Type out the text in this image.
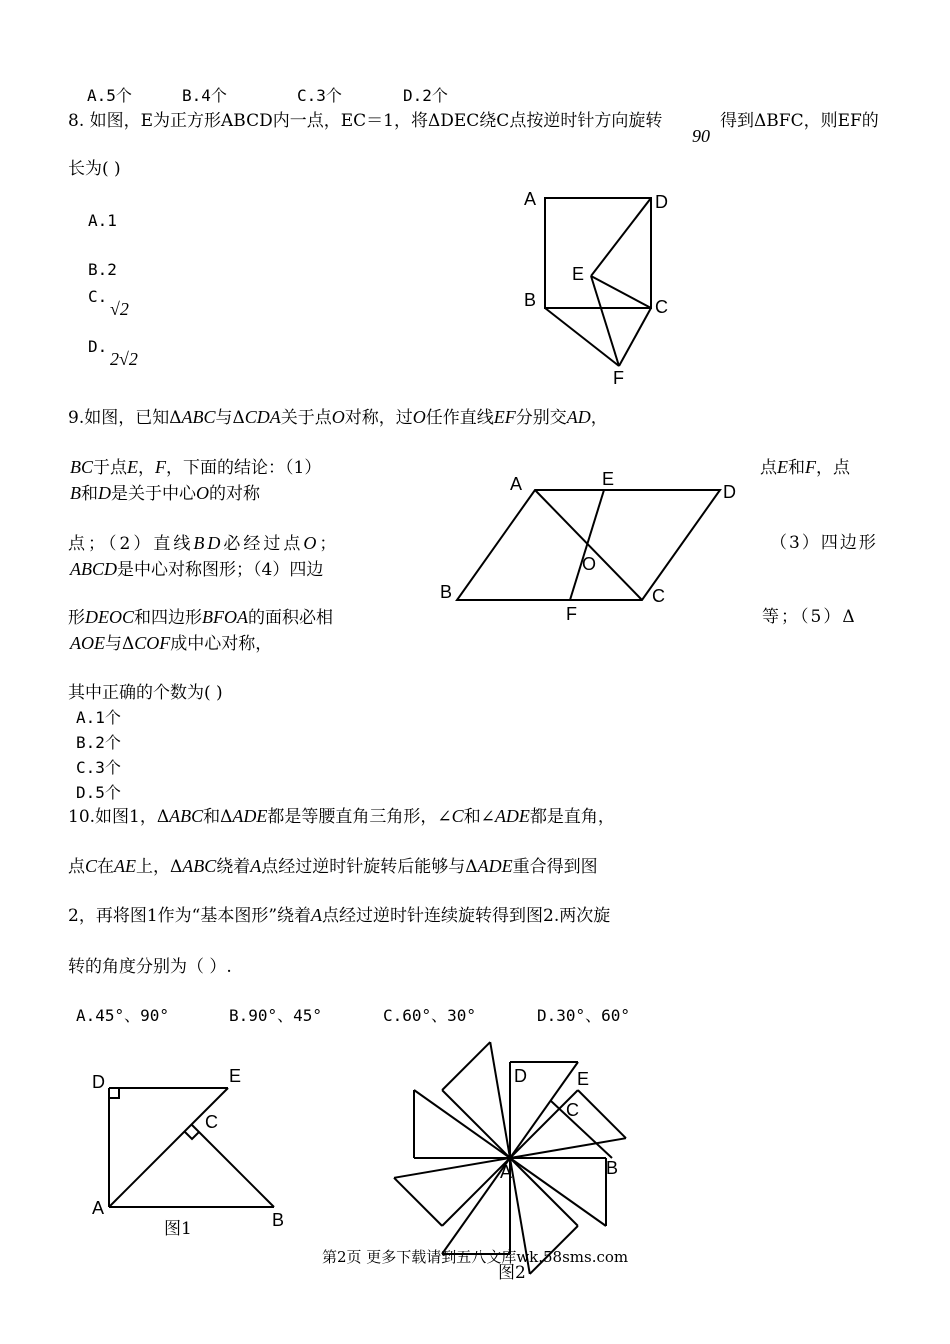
A.5个	B.4个	C.3个	D.2个
8. 如图，E为正方形ABCD内一点，EC＝1，将ΔDEC绕C点按逆时针方向旋转
90
得到ΔBFC，则EF的
长为( )
A.1
B.2
C.
√2
D.
2√2
A	D
E
B	C
F
9.如图，已知ΔABC与ΔCDA关于点O对称，过O任作直线EF分别交AD，
BC于点E，F，下面的结论：（1）	点E和F，点
B和D是关于中心O的对称
点；（2）直线BD必经过点O；	（3）四边形
ABCD是中心对称图形；（4）四边
形DEOC和四边形BFOA的面积必相	等；（5）Δ
AOE与ΔCOF成中心对称，
其中正确的个数为( )
A.1个
B.2个
C.3个
D.5个
A	E
D
O
B
F
C
10.如图1，ΔABC和ΔADE都是等腰直角三角形，∠C和∠ADE都是直角，
点C在AE上，ΔABC绕着A点经过逆时针旋转后能够与ΔADE重合得到图
2，再将图1作为“基本图形”绕着A点经过逆时针连续旋转得到图2.两次旋
转的角度分别为（ ）.
A.45°、90°	B.90°、45°	C.60°、30°	D.30°、60°
D	E
C
A
B
图1
D	E
C
A	B
图2
第2页 更多下载请到五八文库wk.58sms.com
